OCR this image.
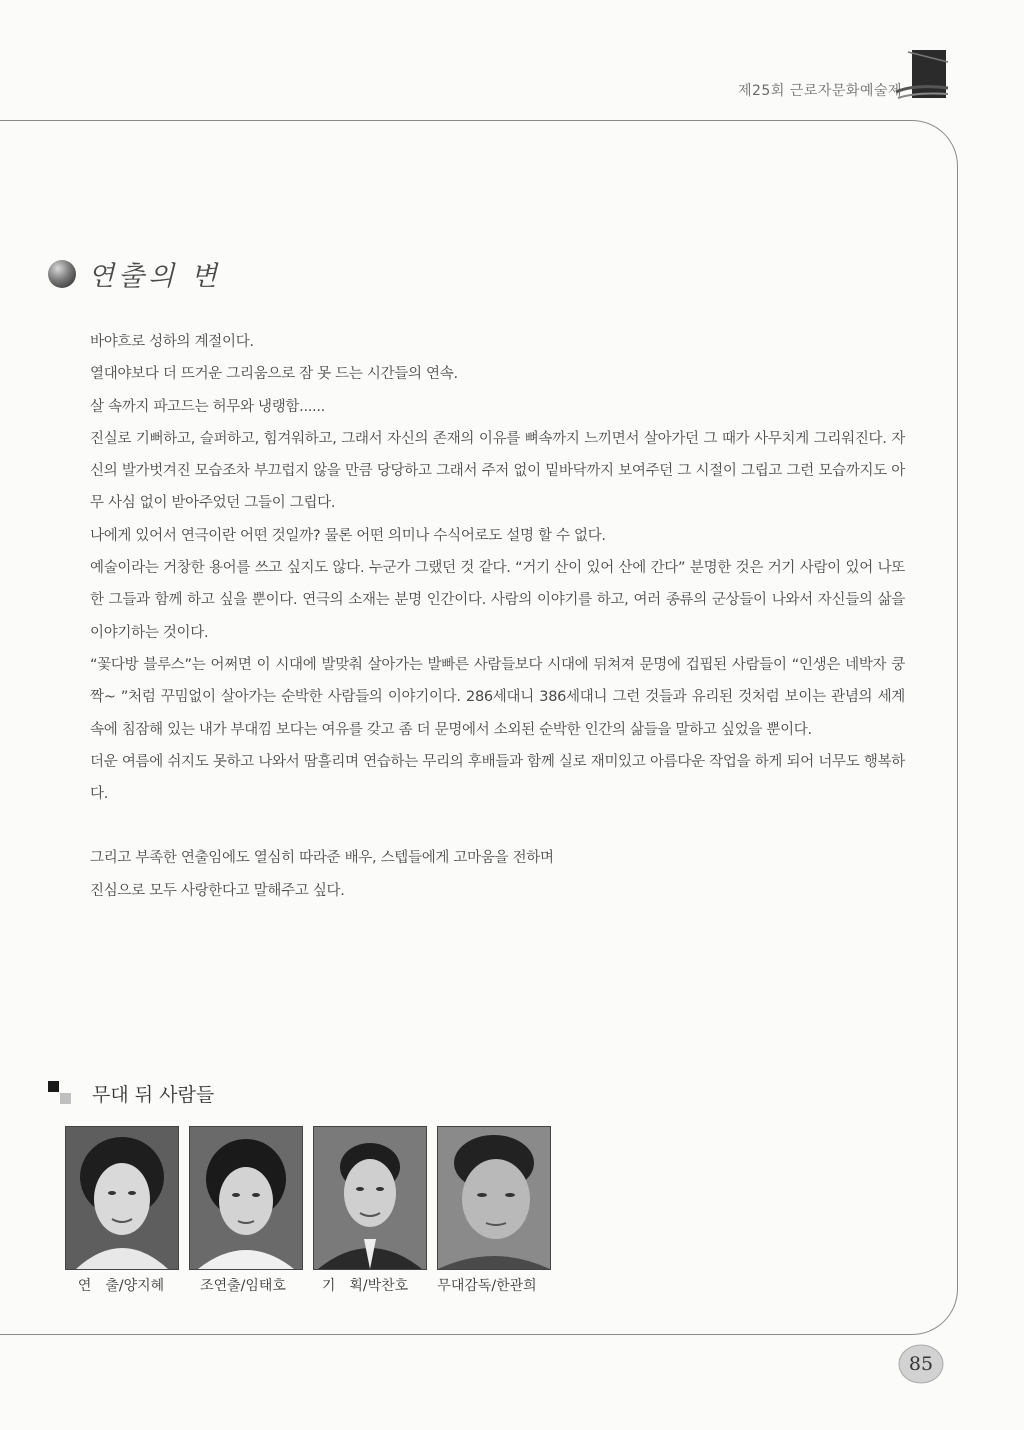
제25회 근로자문화예술제
연출의 변

바야흐로 성하의 계절이다.

열대야보다 더 뜨거운 그리움으로 잠 못 드는 시간들의 연속.

살 속까지 파고드는 허무와 냉랭함......

진실로 기뻐하고, 슬퍼하고, 힘겨워하고, 그래서 자신의 존재의 이유를 뼈속까지 느끼면서 살아가던 그 때가 사무치게 그리워진다. 자신의 발가벗겨진 모습조차 부끄럽지 않을 만큼 당당하고 그래서 주저 없이 밑바닥까지 보여주던 그 시절이 그립고 그런 모습까지도 아무 사심 없이 받아주었던 그들이 그립다.

나에게 있어서 연극이란 어떤 것일까? 물론 어떤 의미나 수식어로도 설명 할 수 없다.

예술이라는 거창한 용어를 쓰고 싶지도 않다. 누군가 그랬던 것 같다. “거기 산이 있어 산에 간다” 분명한 것은 거기 사람이 있어 나또한 그들과 함께 하고 싶을 뿐이다. 연극의 소재는 분명 인간이다. 사람의 이야기를 하고, 여러 종류의 군상들이 나와서 자신들의 삶을 이야기하는 것이다.

“꽃다방 블루스”는 어쩌면 이 시대에 발맞춰 살아가는 발빠른 사람들보다 시대에 뒤쳐져 문명에 겁핍된 사람들이 “인생은 네박자 쿵짝~ ”처럼 꾸밈없이 살아가는 순박한 사람들의 이야기이다. 286세대니 386세대니 그런 것들과 유리된 것처럼 보이는 관념의 세계 속에 침잠해 있는 내가 부대낌 보다는 여유를 갖고 좀 더 문명에서 소외된 순박한 인간의 삶들을 말하고 싶었을 뿐이다.

더운 여름에 쉬지도 못하고 나와서 땀흘리며 연습하는 무리의 후배들과 함께 실로 재미있고 아름다운 작업을 하게 되어 너무도 행복하다.

그리고 부족한 연출임에도 열심히 따라준 배우, 스텝들에게 고마움을 전하며

진심으로 모두 사랑한다고 말해주고 싶다.

무대 뒤 사람들
연　출/양지혜	조연출/임태호	기　획/박찬호	무대감독/한관희
85
